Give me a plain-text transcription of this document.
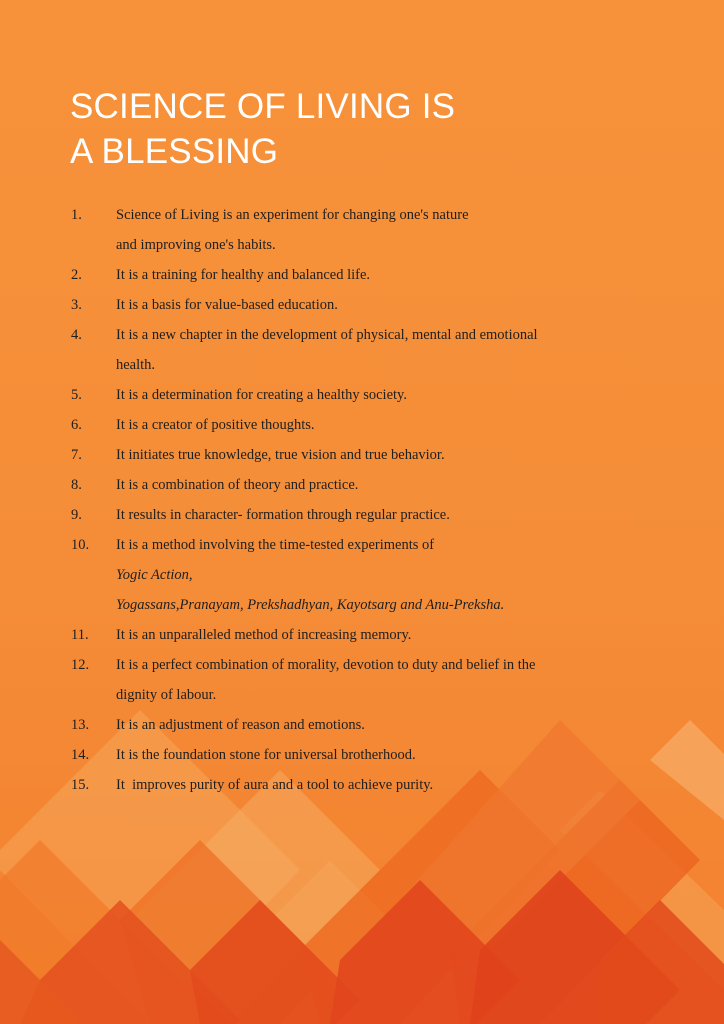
SCIENCE OF LIVING IS
A BLESSING
1.	Science of Living is an experiment for changing one's nature
and improving one's habits.
2.	It is a training for healthy and balanced life.
3.	It is a basis for value-based education.
4.	It is a new chapter in the development of physical, mental and emotional
health.
5.	It is a determination for creating a healthy society.
6.	It is a creator of positive thoughts.
7.	It initiates true knowledge, true vision and true behavior.
8.	It is a combination of theory and practice.
9.	It results in character- formation through regular practice.
10.	It is a method involving the time-tested experiments of
Yogic Action,
Yogassans,Pranayam, Prekshadhyan, Kayotsarg and Anu-Preksha.
11.	It is an unparalleled method of increasing memory.
12.	It is a perfect combination of morality, devotion to duty and belief in the
dignity of labour.
13.	It is an adjustment of reason and emotions.
14.	It is the foundation stone for universal brotherhood.
15.	It  improves purity of aura and a tool to achieve purity.
